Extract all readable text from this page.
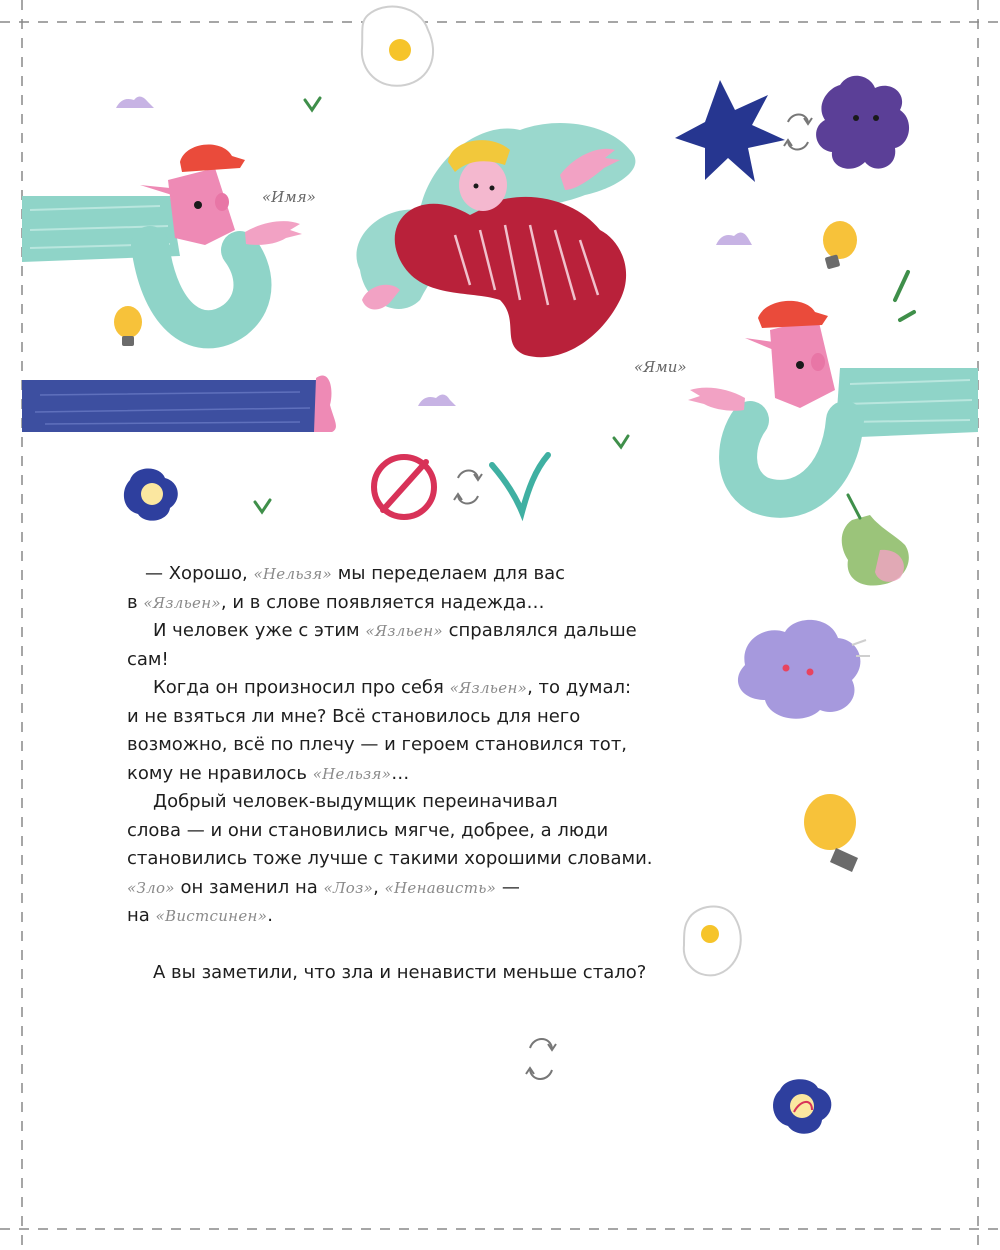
«Имя»
«Ями»

— Хорошо, «Нельзя» мы переделаем для вас
в «Язльен», и в слове появляется надежда…

И человек уже с этим «Язльен» справлялся дальше
сам!

Когда он произносил про себя «Язльен», то думал:
и не взяться ли мне? Всё становилось для него
возможно, всё по плечу — и героем становился тот,
кому не нравилось «Нельзя»…

Добрый человек-выдумщик переиначивал
слова — и они становились мягче, добрее, а люди
становились тоже лучше с такими хорошими словами.
«Зло» он заменил на «Лоз», «Ненависть» —
на «Вистсинен».

А вы заметили, что зла и ненависти меньше стало?
